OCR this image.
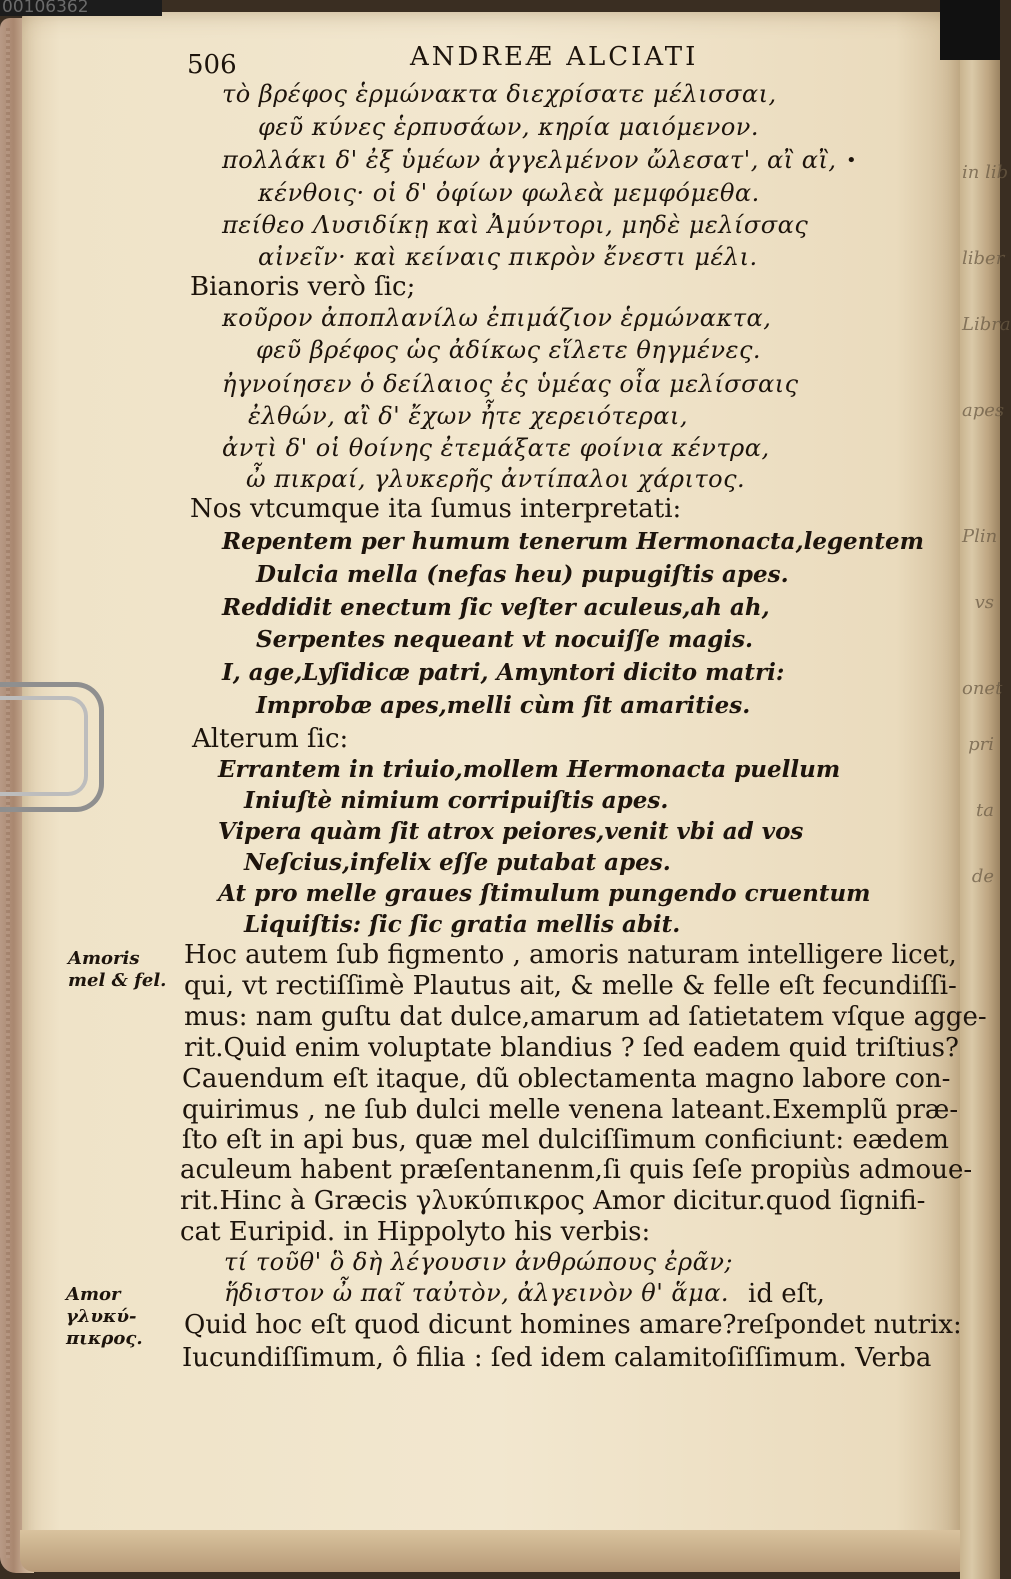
00106362
in lib
liber
Libra
apes
Plin
vs
onet
pri
ta
de
506	ANDREÆ ALCIATI
τὸ βρέφος ἑρμώνακτα διεχρίσατε μέλισσαι,
φεῦ κύνες ἑρπυσάων, κηρία μαιόμενον.
πολλάκι δ' ἐξ ὑμέων ἀγγελμένον ὤλεσατ', αἲ αἲ,
κένθοις· οἱ δ' ὀφίων φωλεὰ μεμφόμεθα.
πείθεο Λυσιδίκῃ καὶ Ἀμύντορι, μηδὲ μελίσσας
αἰνεῖν· καὶ κείναις πικρὸν ἔνεστι μέλι.
•
Bianoris verò ſic;
κοῦρον ἀποπλανίλω ἐπιμάζιον ἑρμώνακτα,
φεῦ βρέφος ὡς ἀδίκως εἵλετε θηγμένες.
ἠγνοίησεν ὁ δείλαιος ἐς ὑμέας οἷα μελίσσαις
ἐλθών, αἲ δ' ἔχων ἦτε χερειότεραι,
ἀντὶ δ' οἱ θοίνης ἐτεμάξατε φοίνια κέντρα,
ὦ πικραί, γλυκερῆς ἀντίπαλοι χάριτος.
Nos vtcumque ita ſumus interpretati:
Repentem per humum tenerum Hermonacta,legentem
Dulcia mella (nefas heu) pupugiſtis apes.
Reddidit enectum ſic veſter aculeus,ah ah,
Serpentes nequeant vt nocuiſſe magis.
I, age,Lyſidicæ patri, Amyntori dicito matri:
Improbæ apes,melli cùm ſit amarities.
Alterum ſic:
Errantem in triuio,mollem Hermonacta puellum
Iniuſtè nimium corripuiſtis apes.
Vipera quàm ſit atrox peiores,venit vbi ad vos
Neſcius,infelix eſſe putabat apes.
At pro melle graues ſtimulum pungendo cruentum
Liquiſtis: ſic ſic gratia mellis abit.
Amoris
mel & fel.
Hoc autem ſub figmento , amoris naturam intelligere licet,
qui, vt rectiſſimè Plautus ait, & melle & felle eſt fecundiſſi-
mus: nam guſtu dat dulce,amarum ad ſatietatem vſque agge-
rit.Quid enim voluptate blandius ? ſed eadem quid triſtius?
Cauendum eſt itaque, dũ oblectamenta magno labore con-
quirimus , ne ſub dulci melle venena lateant.Exemplũ præ-
ſto eſt in api bus, quæ mel dulciſſimum conficiunt: eædem
aculeum habent præſentanenm,ſi quis ſeſe propiùs admoue-
rit.Hinc à Græcis γλυκύπικρος Amor dicitur.quod ſignifi-
cat Euripid. in Hippolyto his verbis:
τί τοῦθ' ὃ δὴ λέγουσιν ἀνθρώπους ἐρᾶν;
ἥδιστον ὦ παῖ ταὐτὸν, ἀλγεινὸν θ' ἅμα. id eſt,
Amor
γλυκύ-
πικρος. Quid hoc eſt quod dicunt homines amare?reſpondet nutrix:
Iucundiſſimum, ô filia : ſed idem calamitoſiſſimum. Verba
